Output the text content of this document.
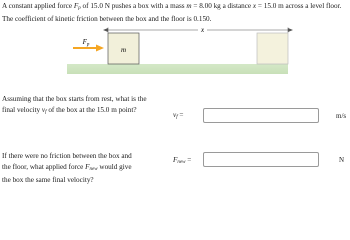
A constant applied force $F_p$ of 15.0 N pushes a box with a mass m = 8.00 kg a distance x = 15.0 m across a level floor. The coefficient of kinetic friction between the box and the floor is 0.150.

x
m
$F_p$

Assuming that the box starts from rest, what is the final velocity $v_f$ of the box at the 15.0 m point?

$v_f$ =	m/s

If there were no friction between the box and the floor, what applied force $F_{new}$ would give the box the same final velocity?

$F_{new}$ =	N
